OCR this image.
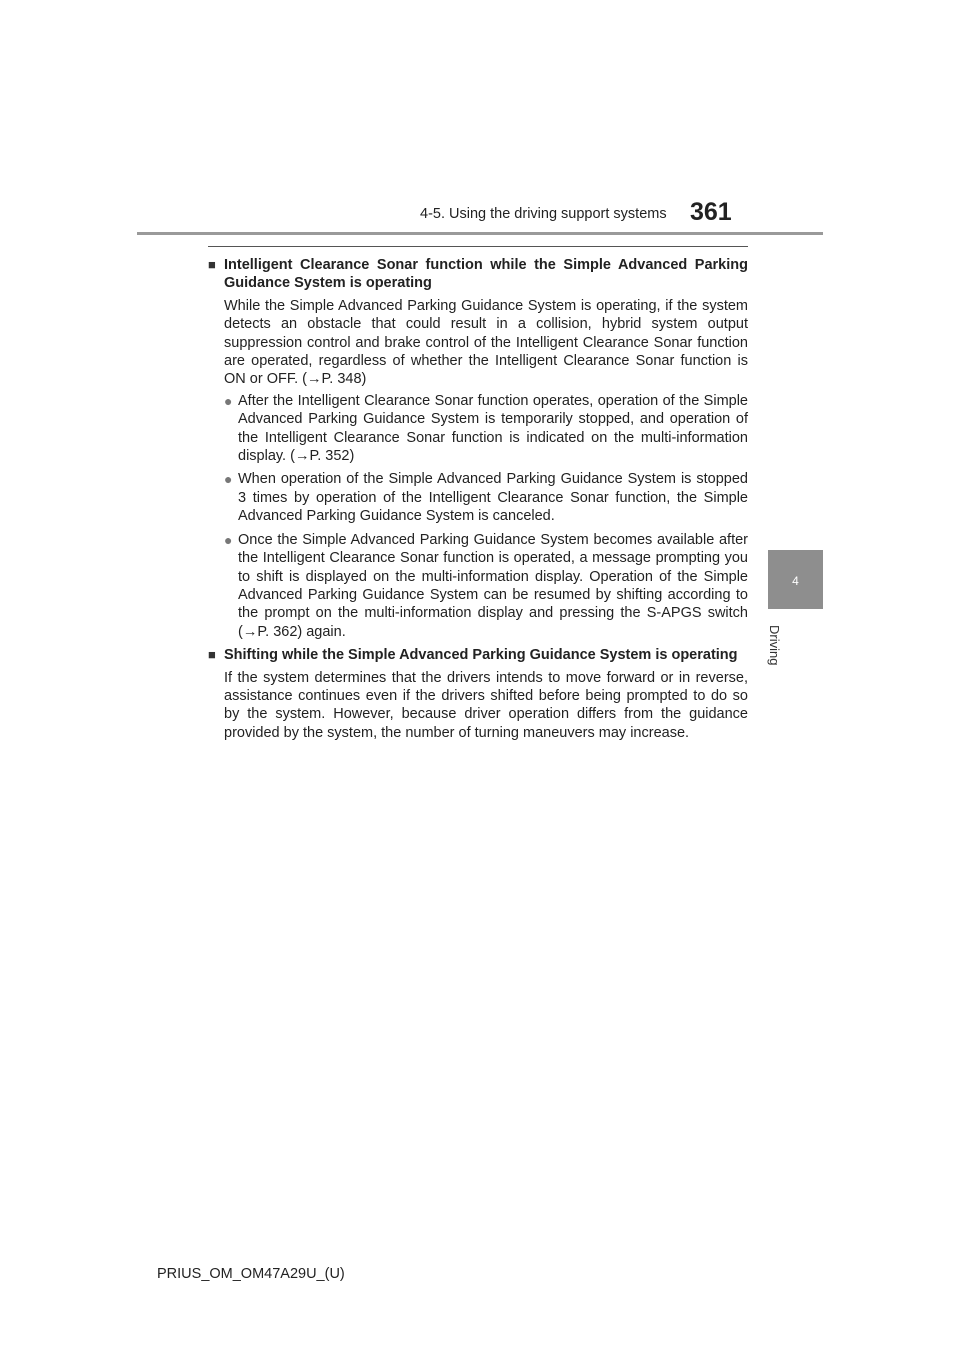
4-5. Using the driving support systems 361
4
Driving
■ Intelligent Clearance Sonar function while the Simple Advanced Parking Guidance System is operating

While the Simple Advanced Parking Guidance System is operating, if the system detects an obstacle that could result in a collision, hybrid system output suppression control and brake control of the Intelligent Clearance Sonar function are operated, regardless of whether the Intelligent Clearance Sonar function is ON or OFF. (→P. 348)

● After the Intelligent Clearance Sonar function operates, operation of the Simple Advanced Parking Guidance System is temporarily stopped, and operation of the Intelligent Clearance Sonar function is indicated on the multi-information display. (→P. 352)
● When operation of the Simple Advanced Parking Guidance System is stopped 3 times by operation of the Intelligent Clearance Sonar function, the Simple Advanced Parking Guidance System is canceled.
● Once the Simple Advanced Parking Guidance System becomes available after the Intelligent Clearance Sonar function is operated, a message prompting you to shift is displayed on the multi-information display. Operation of the Simple Advanced Parking Guidance System can be resumed by shifting according to the prompt on the multi-information display and pressing the S-APGS switch (→P. 362) again.
■ Shifting while the Simple Advanced Parking Guidance System is operating

If the system determines that the drivers intends to move forward or in reverse, assistance continues even if the drivers shifted before being prompted to do so by the system. However, because driver operation differs from the guidance provided by the system, the number of turning maneuvers may increase.

PRIUS_OM_OM47A29U_(U)
